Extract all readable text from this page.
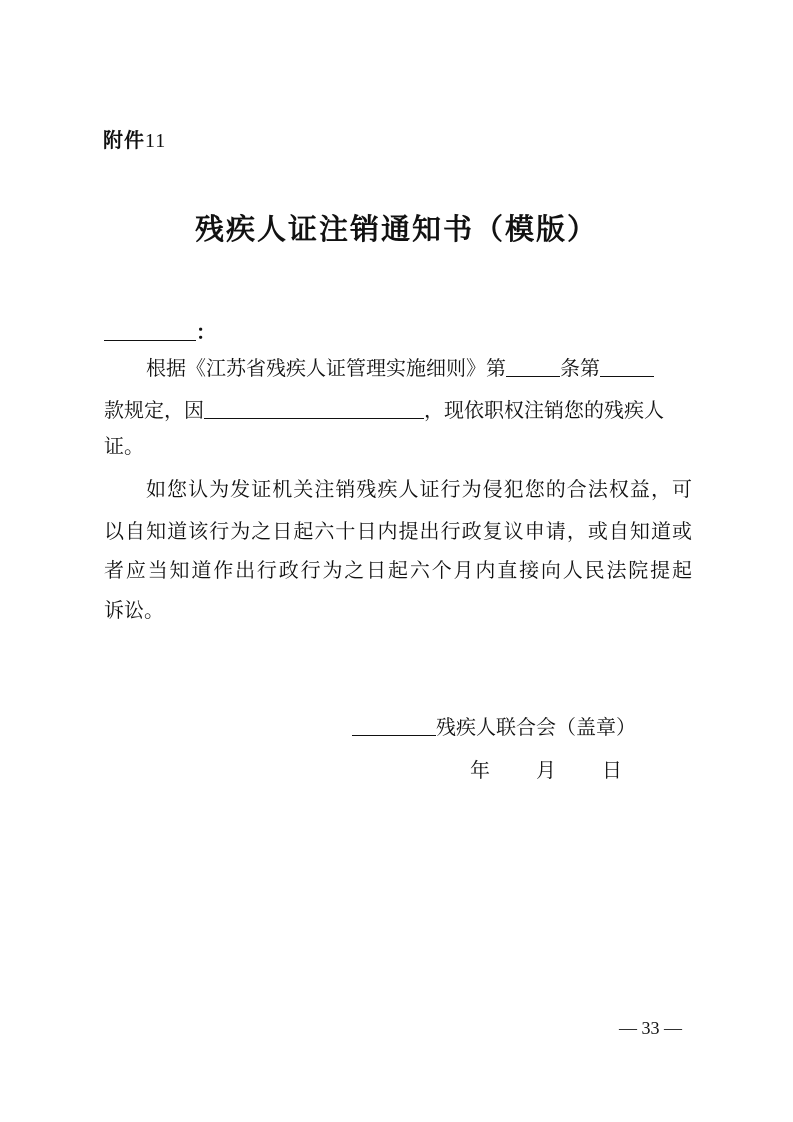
附件11
残疾人证注销通知书（模版）
：
根据《江苏省残疾人证管理实施细则》第	条第
款规定，因	，现依职权注销您的残疾人
证。
如您认为发证机关注销残疾人证行为侵犯您的合法权益，可
以自知道该行为之日起六十日内提出行政复议申请，或自知道或
者应当知道作出行政行为之日起六个月内直接向人民法院提起
诉讼。
残疾人联合会（盖章）
年 月 日
— 33 —
